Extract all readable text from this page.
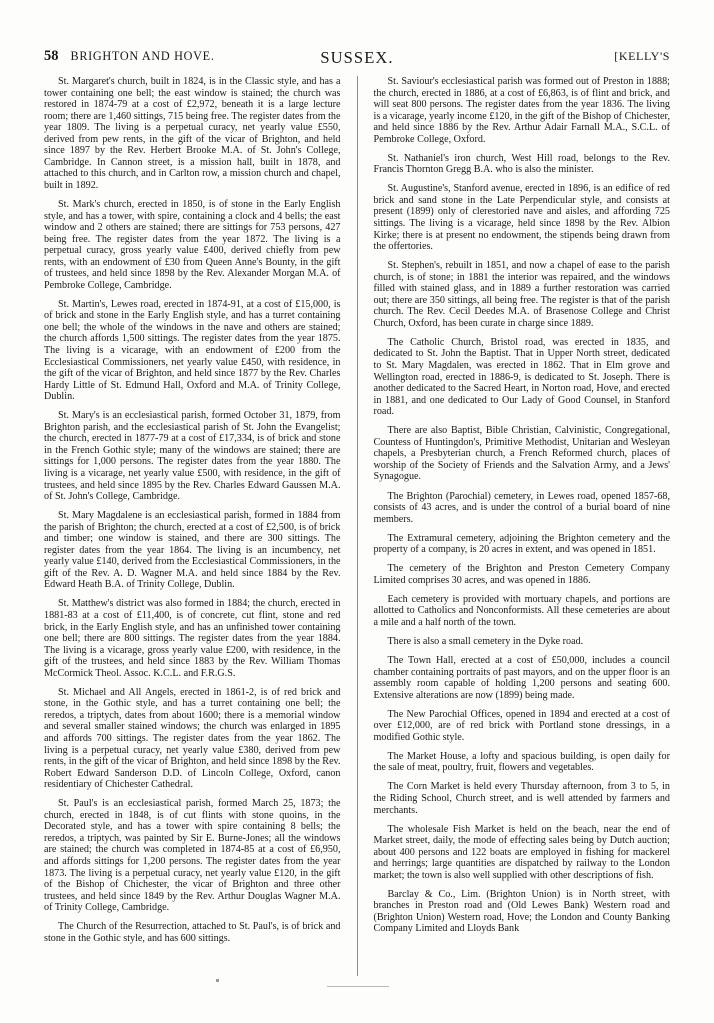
58 BRIGHTON AND HOVE.	SUSSEX.	[KELLY'S

St. Margaret's church, built in 1824, is in the Classic style, and has a tower containing one bell; the east window is stained; the church was restored in 1874-79 at a cost of £2,972, beneath it is a large lecture room; there are 1,460 sittings, 715 being free. The register dates from the year 1809. The living is a perpetual curacy, net yearly value £550, derived from pew rents, in the gift of the vicar of Brighton, and held since 1897 by the Rev. Herbert Brooke M.A. of St. John's College, Cambridge. In Cannon street, is a mission hall, built in 1878, and attached to this church, and in Carlton row, a mission church and chapel, built in 1892.

St. Mark's church, erected in 1850, is of stone in the Early English style, and has a tower, with spire, containing a clock and 4 bells; the east window and 2 others are stained; there are sittings for 753 persons, 427 being free. The register dates from the year 1872. The living is a perpetual curacy, gross yearly value £400, derived chiefly from pew rents, with an endowment of £30 from Queen Anne's Bounty, in the gift of trustees, and held since 1898 by the Rev. Alexander Morgan M.A. of Pembroke College, Cambridge.

St. Martin's, Lewes road, erected in 1874-91, at a cost of £15,000, is of brick and stone in the Early English style, and has a turret containing one bell; the whole of the windows in the nave and others are stained; the church affords 1,500 sittings. The register dates from the year 1875. The living is a vicarage, with an endowment of £200 from the Ecclesiastical Commissioners, net yearly value £450, with residence, in the gift of the vicar of Brighton, and held since 1877 by the Rev. Charles Hardy Little of St. Edmund Hall, Oxford and M.A. of Trinity College, Dublin.

St. Mary's is an ecclesiastical parish, formed October 31, 1879, from Brighton parish, and the ecclesiastical parish of St. John the Evangelist; the church, erected in 1877-79 at a cost of £17,334, is of brick and stone in the French Gothic style; many of the windows are stained; there are sittings for 1,000 persons. The register dates from the year 1880. The living is a vicarage, net yearly value £500, with residence, in the gift of trustees, and held since 1895 by the Rev. Charles Edward Gaussen M.A. of St. John's College, Cambridge.

St. Mary Magdalene is an ecclesiastical parish, formed in 1884 from the parish of Brighton; the church, erected at a cost of £2,500, is of brick and timber; one window is stained, and there are 300 sittings. The register dates from the year 1864. The living is an incumbency, net yearly value £140, derived from the Ecclesiastical Commissioners, in the gift of the Rev. A. D. Wagner M.A. and held since 1884 by the Rev. Edward Heath B.A. of Trinity College, Dublin.

St. Matthew's district was also formed in 1884; the church, erected in 1881-83 at a cost of £11,400, is of concrete, cut flint, stone and red brick, in the Early English style, and has an unfinished tower containing one bell; there are 800 sittings. The register dates from the year 1884. The living is a vicarage, gross yearly value £200, with residence, in the gift of the trustees, and held since 1883 by the Rev. William Thomas McCormick Theol. Assoc. K.C.L. and F.R.G.S.

St. Michael and All Angels, erected in 1861-2, is of red brick and stone, in the Gothic style, and has a turret containing one bell; the reredos, a triptych, dates from about 1600; there is a memorial window and several smaller stained windows; the church was enlarged in 1895 and affords 700 sittings. The register dates from the year 1862. The living is a perpetual curacy, net yearly value £380, derived from pew rents, in the gift of the vicar of Brighton, and held since 1898 by the Rev. Robert Edward Sanderson D.D. of Lincoln College, Oxford, canon residentiary of Chichester Cathedral.

St. Paul's is an ecclesiastical parish, formed March 25, 1873; the church, erected in 1848, is of cut flints with stone quoins, in the Decorated style, and has a tower with spire containing 8 bells; the reredos, a triptych, was painted by Sir E. Burne-Jones; all the windows are stained; the church was completed in 1874-85 at a cost of £6,950, and affords sittings for 1,200 persons. The register dates from the year 1873. The living is a perpetual curacy, net yearly value £120, in the gift of the Bishop of Chichester, the vicar of Brighton and three other trustees, and held since 1849 by the Rev. Arthur Douglas Wagner M.A. of Trinity College, Cambridge.

The Church of the Resurrection, attached to St. Paul's, is of brick and stone in the Gothic style, and has 600 sittings.

St. Saviour's ecclesiastical parish was formed out of Preston in 1888; the church, erected in 1886, at a cost of £6,863, is of flint and brick, and will seat 800 persons. The register dates from the year 1836. The living is a vicarage, yearly income £120, in the gift of the Bishop of Chichester, and held since 1886 by the Rev. Arthur Adair Farnall M.A., S.C.L. of Pembroke College, Oxford.

St. Nathaniel's iron church, West Hill road, belongs to the Rev. Francis Thornton Gregg B.A. who is also the minister.

St. Augustine's, Stanford avenue, erected in 1896, is an edifice of red brick and sand stone in the Late Perpendicular style, and consists at present (1899) only of clerestoried nave and aisles, and affording 725 sittings. The living is a vicarage, held since 1898 by the Rev. Albion Kirke; there is at present no endowment, the stipends being drawn from the offertories.

St. Stephen's, rebuilt in 1851, and now a chapel of ease to the parish church, is of stone; in 1881 the interior was repaired, and the windows filled with stained glass, and in 1889 a further restoration was carried out; there are 350 sittings, all being free. The register is that of the parish church. The Rev. Cecil Deedes M.A. of Brasenose College and Christ Church, Oxford, has been curate in charge since 1889.

The Catholic Church, Bristol road, was erected in 1835, and dedicated to St. John the Baptist. That in Upper North street, dedicated to St. Mary Magdalen, was erected in 1862. That in Elm grove and Wellington road, erected in 1886-9, is dedicated to St. Joseph. There is another dedicated to the Sacred Heart, in Norton road, Hove, and erected in 1881, and one dedicated to Our Lady of Good Counsel, in Stanford road.

There are also Baptist, Bible Christian, Calvinistic, Congregational, Countess of Huntingdon's, Primitive Methodist, Unitarian and Wesleyan chapels, a Presbyterian church, a French Reformed church, places of worship of the Society of Friends and the Salvation Army, and a Jews' Synagogue.

The Brighton (Parochial) cemetery, in Lewes road, opened 1857-68, consists of 43 acres, and is under the control of a burial board of nine members.

The Extramural cemetery, adjoining the Brighton cemetery and the property of a company, is 20 acres in extent, and was opened in 1851.

The cemetery of the Brighton and Preston Cemetery Company Limited comprises 30 acres, and was opened in 1886.

Each cemetery is provided with mortuary chapels, and portions are allotted to Catholics and Nonconformists. All these cemeteries are about a mile and a half north of the town.

There is also a small cemetery in the Dyke road.

The Town Hall, erected at a cost of £50,000, includes a council chamber containing portraits of past mayors, and on the upper floor is an assembly room capable of holding 1,200 persons and seating 600. Extensive alterations are now (1899) being made.

The New Parochial Offices, opened in 1894 and erected at a cost of over £12,000, are of red brick with Portland stone dressings, in a modified Gothic style.

The Market House, a lofty and spacious building, is open daily for the sale of meat, poultry, fruit, flowers and vegetables.

The Corn Market is held every Thursday afternoon, from 3 to 5, in the Riding School, Church street, and is well attended by farmers and merchants.

The wholesale Fish Market is held on the beach, near the end of Market street, daily, the mode of effecting sales being by Dutch auction; about 400 persons and 122 boats are employed in fishing for mackerel and herrings; large quantities are dispatched by railway to the London market; the town is also well supplied with other descriptions of fish.

Barclay & Co., Lim. (Brighton Union) is in North street, with branches in Preston road and (Old Lewes Bank) Western road and (Brighton Union) Western road, Hove; the London and County Banking Company Limited and Lloyds Bank
